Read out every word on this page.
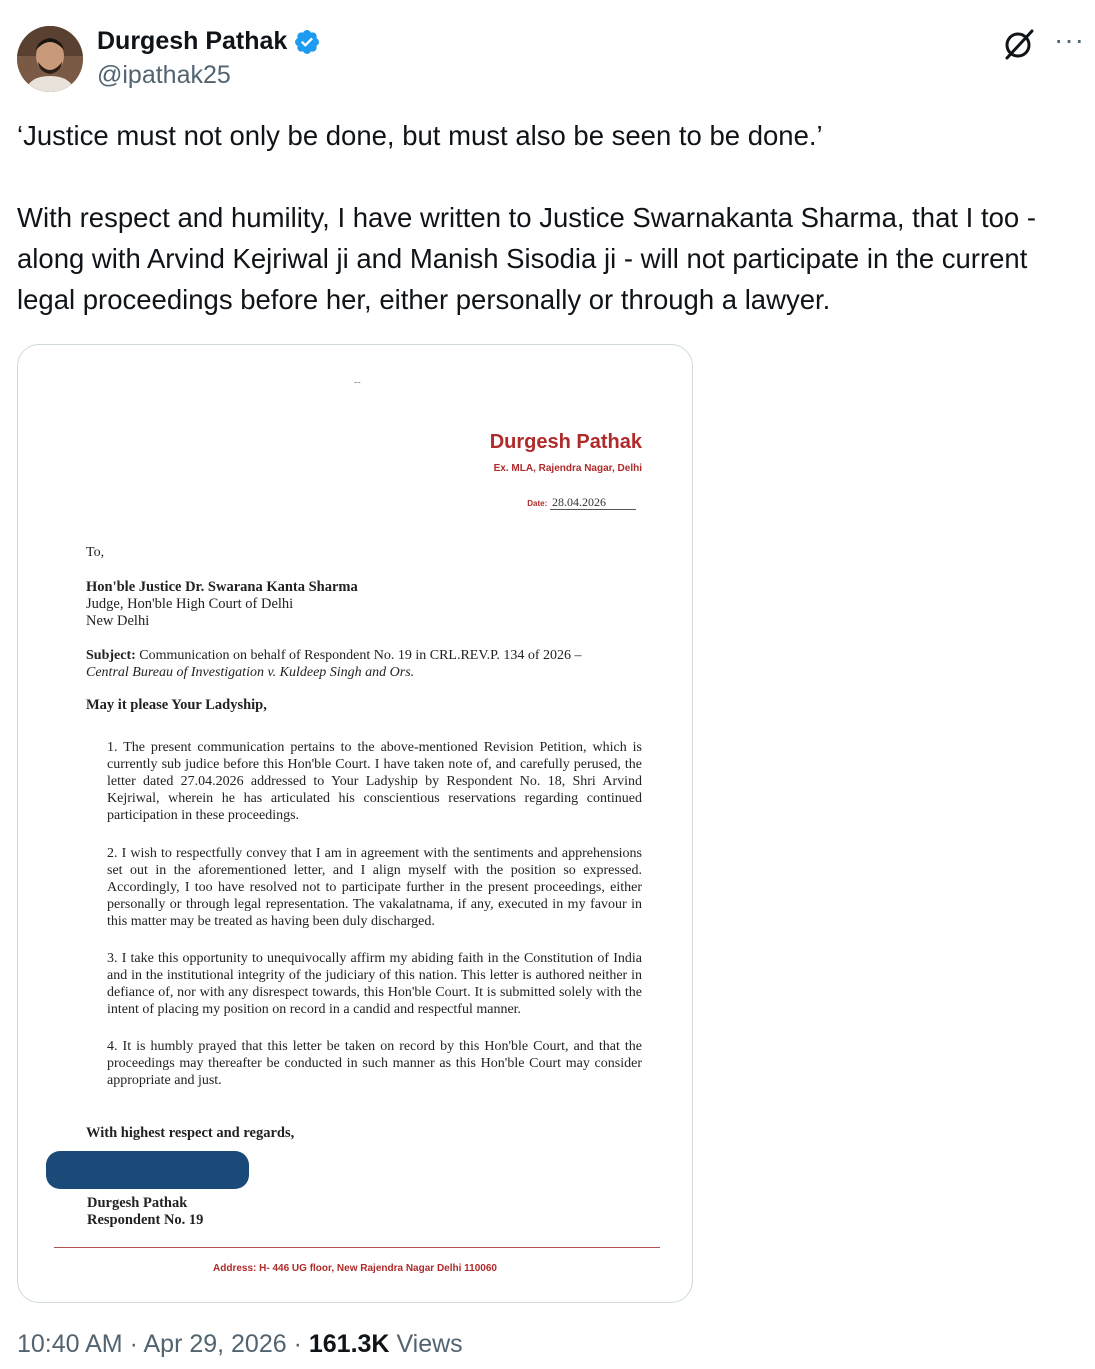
Durgesh Pathak
@ipathak25
···

‘Justice must not only be done, but must also be seen to be done.’

With respect and humility, I have written to Justice Swarnakanta Sharma, that I too - along with Arvind Kejriwal ji and Manish Sisodia ji - will not participate in the current legal proceedings before her, either personally or through a lawyer.

--
Durgesh Pathak
Ex. MLA, Rajendra Nagar, Delhi
Date: 28.04.2026
To,
Hon'ble Justice Dr. Swarana Kanta Sharma
Judge, Hon'ble High Court of Delhi
New Delhi
Subject: Communication on behalf of Respondent No. 19 in CRL.REV.P. 134 of 2026 – Central Bureau of Investigation v. Kuldeep Singh and Ors.
May it please Your Ladyship,

1. The present communication pertains to the above-mentioned Revision Petition, which is currently sub judice before this Hon'ble Court. I have taken note of, and carefully perused, the letter dated 27.04.2026 addressed to Your Ladyship by Respondent No. 18, Shri Arvind Kejriwal, wherein he has articulated his conscientious reservations regarding continued participation in these proceedings.

2. I wish to respectfully convey that I am in agreement with the sentiments and apprehensions set out in the aforementioned letter, and I align myself with the position so expressed. Accordingly, I too have resolved not to participate further in the present proceedings, either personally or through legal representation. The vakalatnama, if any, executed in my favour in this matter may be treated as having been duly discharged.

3. I take this opportunity to unequivocally affirm my abiding faith in the Constitution of India and in the institutional integrity of the judiciary of this nation. This letter is authored neither in defiance of, nor with any disrespect towards, this Hon'ble Court. It is submitted solely with the intent of placing my position on record in a candid and respectful manner.

4. It is humbly prayed that this letter be taken on record by this Hon'ble Court, and that the proceedings may thereafter be conducted in such manner as this Hon'ble Court may consider appropriate and just.

With highest respect and regards,
Durgesh Pathak
Respondent No. 19
Address: H- 446 UG floor, New Rajendra Nagar Delhi 110060
10:40 AM · Apr 29, 2026 · 161.3K Views
